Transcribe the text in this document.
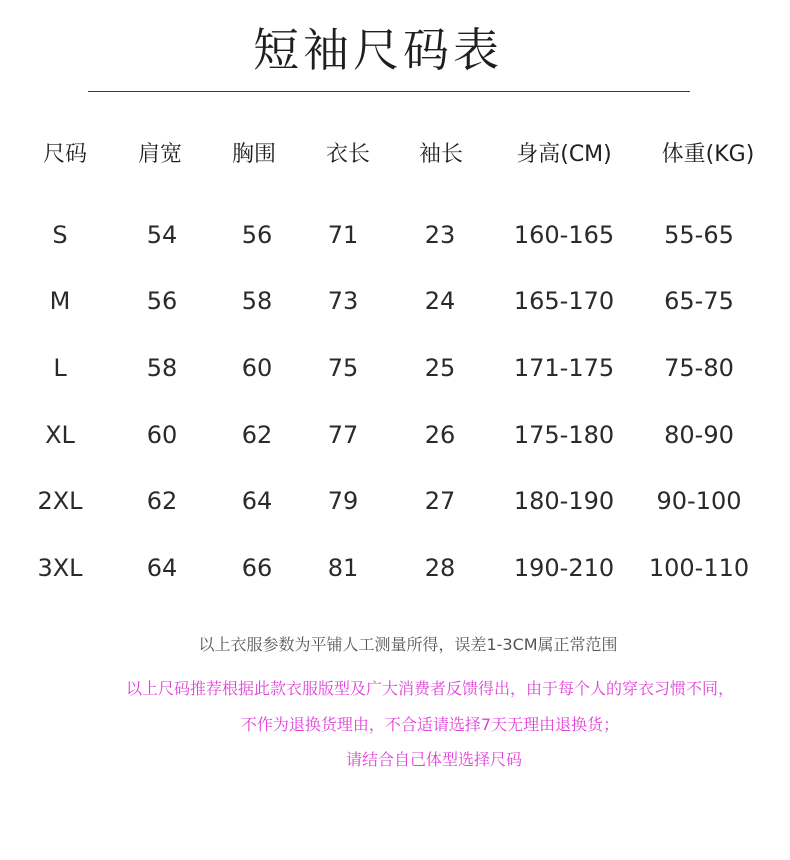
短袖尺码表
尺码 肩宽 胸围 衣长 袖长 身高(CM) 体重(KG)
S	54	56 71	23 160-165 55-65
M	56	58 73	24 165-170 65-75
L	58	60 75	25 171-175 75-80
XL	60	62 77	26 175-180 80-90
2XL	62	64 79	27 180-190 90-100
3XL	64	66 81	28 190-210 100-110
以上衣服参数为平铺人工测量所得，误差1-3CM属正常范围
以上尺码推荐根据此款衣服版型及广大消费者反馈得出，由于每个人的穿衣习惯不同，
不作为退换货理由，不合适请选择7天无理由退换货；
请结合自己体型选择尺码
